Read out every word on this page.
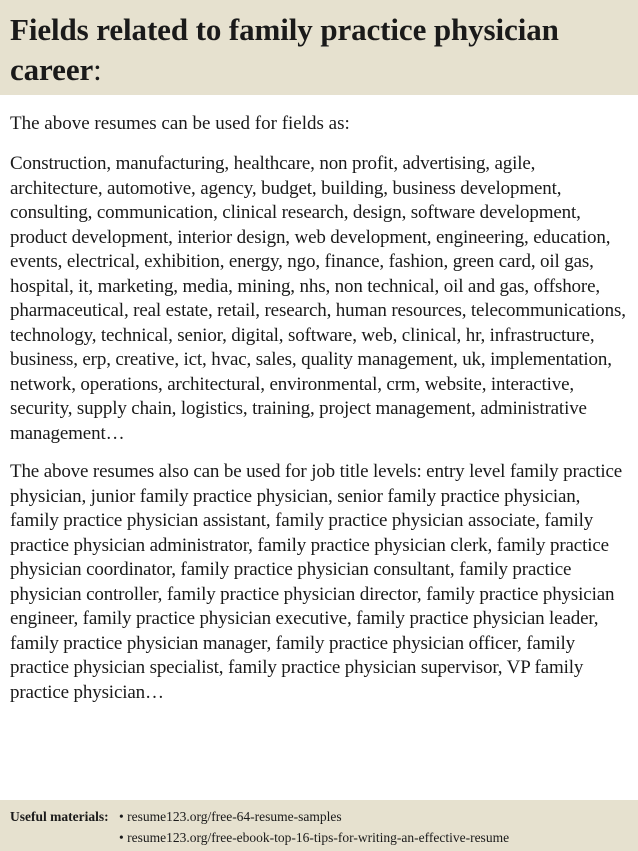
Fields related to family practice physician career:

The above resumes can be used for fields as:

Construction, manufacturing, healthcare, non profit, advertising, agile, architecture, automotive, agency, budget, building, business development, consulting, communication, clinical research, design, software development, product development, interior design, web development, engineering, education, events, electrical, exhibition, energy, ngo, finance, fashion, green card, oil gas, hospital, it, marketing, media, mining, nhs, non technical, oil and gas, offshore, pharmaceutical, real estate, retail, research, human resources, telecommunications, technology, technical, senior, digital, software, web, clinical, hr, infrastructure, business, erp, creative, ict, hvac, sales, quality management, uk, implementation, network, operations, architectural, environmental, crm, website, interactive, security, supply chain, logistics, training, project management, administrative management…

The above resumes also can be used for job title levels: entry level family practice physician, junior family practice physician, senior family practice physician, family practice physician assistant, family practice physician associate, family practice physician administrator, family practice physician clerk, family practice physician coordinator, family practice physician consultant, family practice physician controller, family practice physician director, family practice physician engineer, family practice physician executive, family practice physician leader, family practice physician manager, family practice physician officer, family practice physician specialist, family practice physician supervisor, VP family practice physician…

Useful materials: • resume123.org/free-64-resume-samples
• resume123.org/free-ebook-top-16-tips-for-writing-an-effective-resume
